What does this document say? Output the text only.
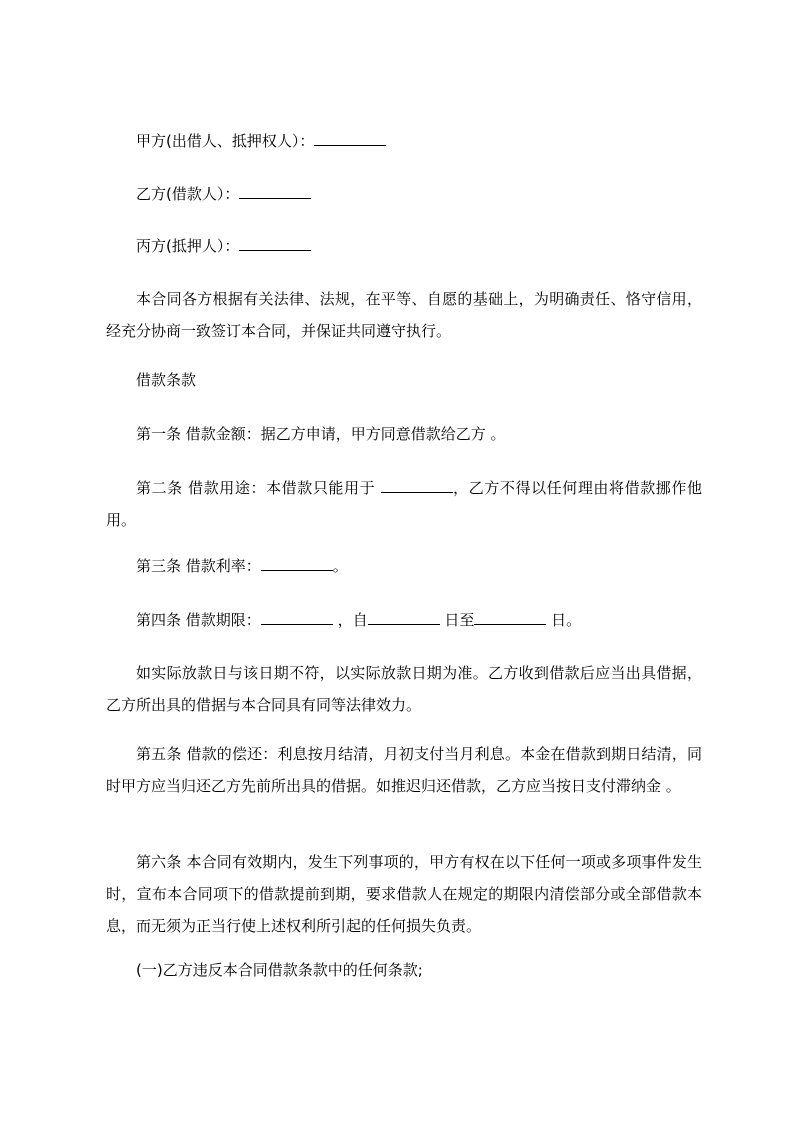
甲方(出借人、抵押权人）：
乙方(借款人）：
丙方(抵押人）：
本合同各方根据有关法律、法规，在平等、自愿的基础上，为明确责任、恪守信用，经充分协商一致签订本合同，并保证共同遵守执行。
借款条款
第一条 借款金额：据乙方申请，甲方同意借款给乙方 。
第二条 借款用途：本借款只能用于	，乙方不得以任何理由将借款挪作他用。
第三条 借款利率：	。
第四条 借款期限：	，自	日至	日。
如实际放款日与该日期不符，以实际放款日期为准。乙方收到借款后应当出具借据，乙方所出具的借据与本合同具有同等法律效力。
第五条 借款的偿还：利息按月结清，月初支付当月利息。本金在借款到期日结清，同时甲方应当归还乙方先前所出具的借据。如推迟归还借款，乙方应当按日支付滞纳金 。
第六条 本合同有效期内，发生下列事项的，甲方有权在以下任何一项或多项事件发生时，宣布本合同项下的借款提前到期，要求借款人在规定的期限内清偿部分或全部借款本息，而无须为正当行使上述权利所引起的任何损失负责。
(一)乙方违反本合同借款条款中的任何条款;
